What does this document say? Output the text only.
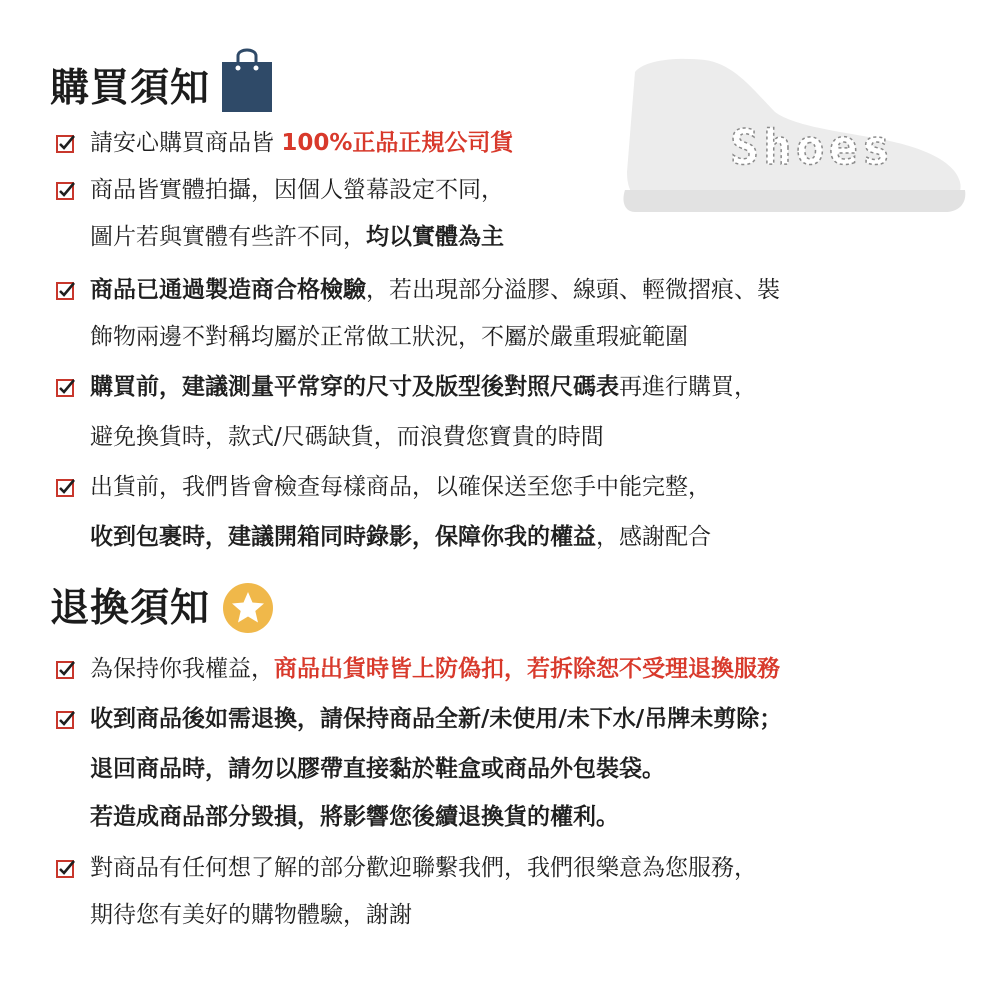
Shoes
購買須知
退換須知
請安心購買商品皆 100%正品正規公司貨
商品皆實體拍攝，因個人螢幕設定不同，
圖片若與實體有些許不同，均以實體為主
商品已通過製造商合格檢驗，若出現部分溢膠、線頭、輕微摺痕、裝
飾物兩邊不對稱均屬於正常做工狀況，不屬於嚴重瑕疵範圍
購買前，建議測量平常穿的尺寸及版型後對照尺碼表再進行購買，
避免換貨時，款式/尺碼缺貨，而浪費您寶貴的時間
出貨前，我們皆會檢查每樣商品，以確保送至您手中能完整，
收到包裹時，建議開箱同時錄影，保障你我的權益，感謝配合
為保持你我權益，商品出貨時皆上防偽扣，若拆除恕不受理退換服務
收到商品後如需退換，請保持商品全新/未使用/未下水/吊牌未剪除；
退回商品時，請勿以膠帶直接黏於鞋盒或商品外包裝袋。
若造成商品部分毀損，將影響您後續退換貨的權利。
對商品有任何想了解的部分歡迎聯繫我們，我們很樂意為您服務，
期待您有美好的購物體驗，謝謝
